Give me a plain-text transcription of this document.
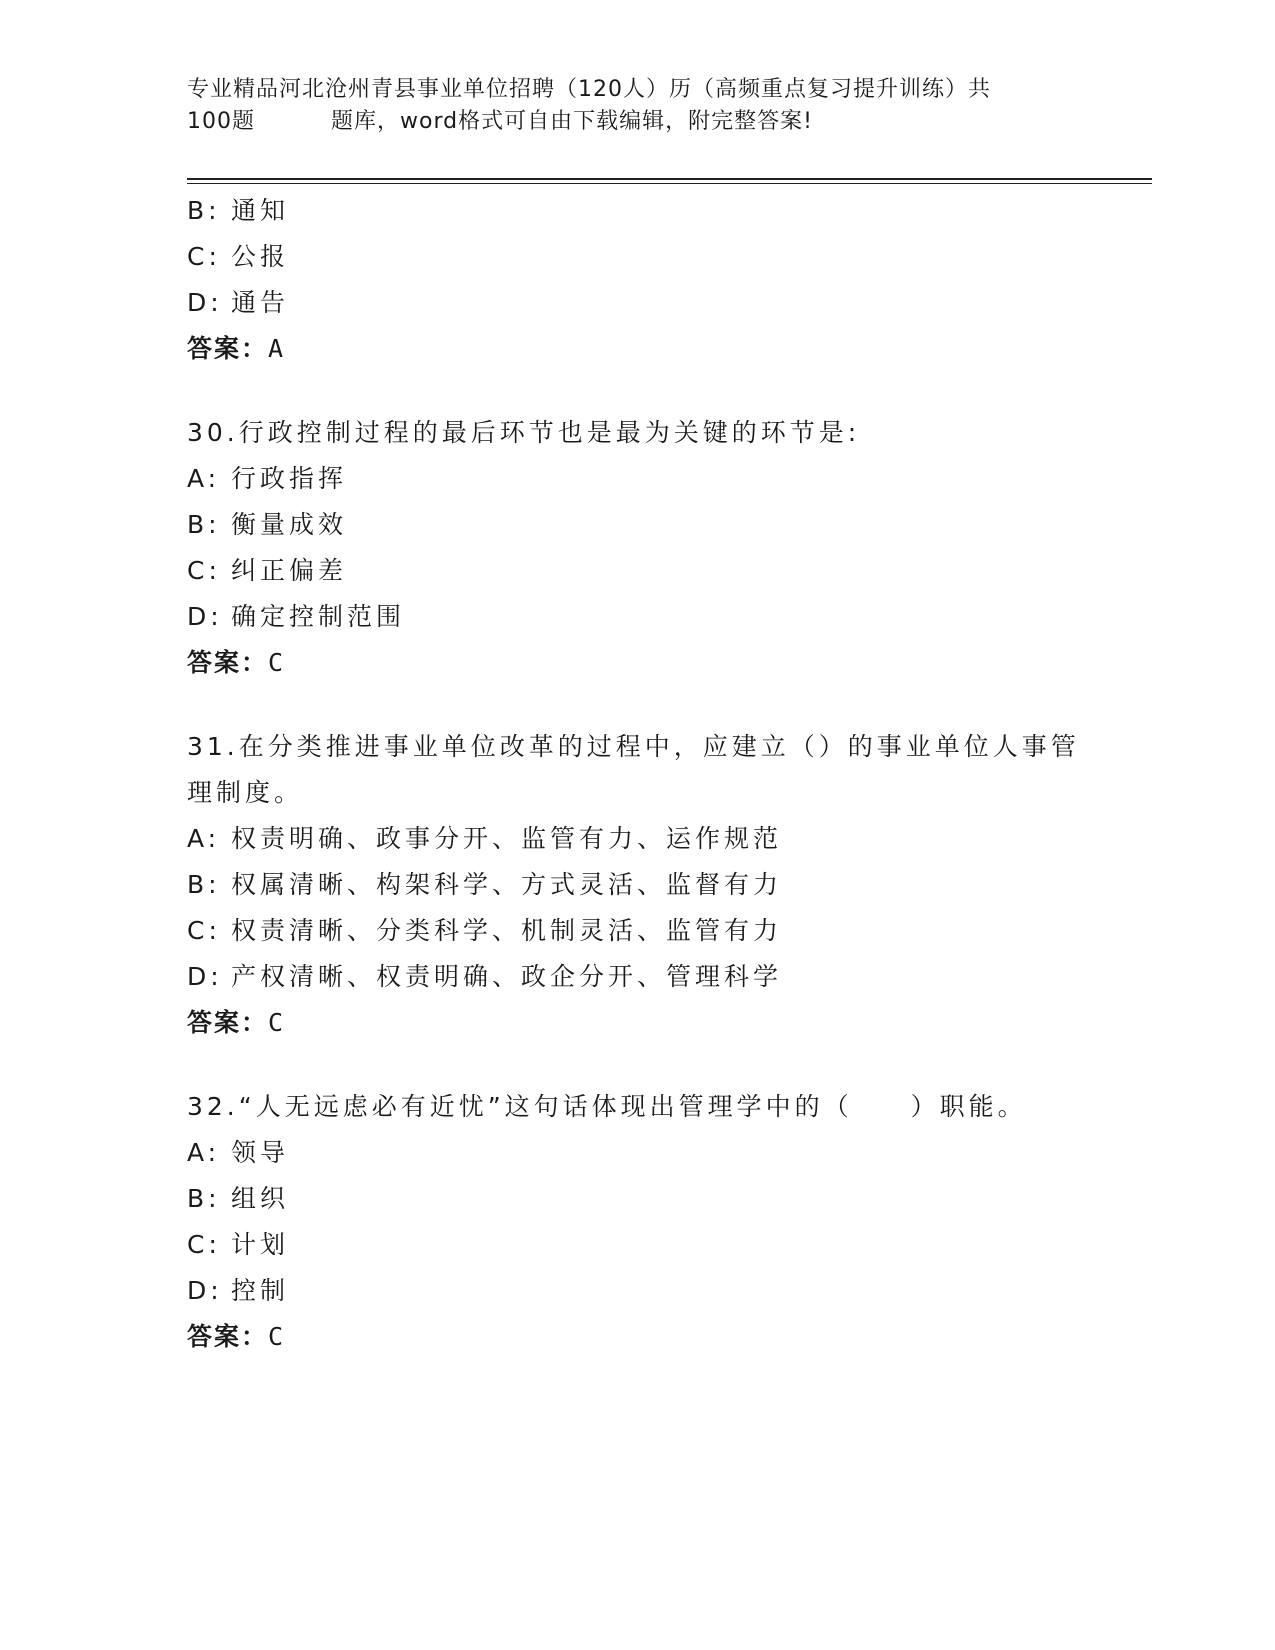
专业精品河北沧州青县事业单位招聘（120人）历（高频重点复习提升训练）共
100题	题库，word格式可自由下载编辑，附完整答案!
B: 通知
C: 公报
D: 通告
答案：A
30.行政控制过程的最后环节也是最为关键的环节是:
A: 行政指挥
B: 衡量成效
C: 纠正偏差
D: 确定控制范围
答案：C
31.在分类推进事业单位改革的过程中，应建立（）的事业单位人事管理制度。
A: 权责明确、政事分开、监管有力、运作规范
B: 权属清晰、构架科学、方式灵活、监督有力
C: 权责清晰、分类科学、机制灵活、监管有力
D: 产权清晰、权责明确、政企分开、管理科学
答案：C
32.“人无远虑必有近忧”这句话体现出管理学中的（　　）职能。
A: 领导
B: 组织
C: 计划
D: 控制
答案：C
